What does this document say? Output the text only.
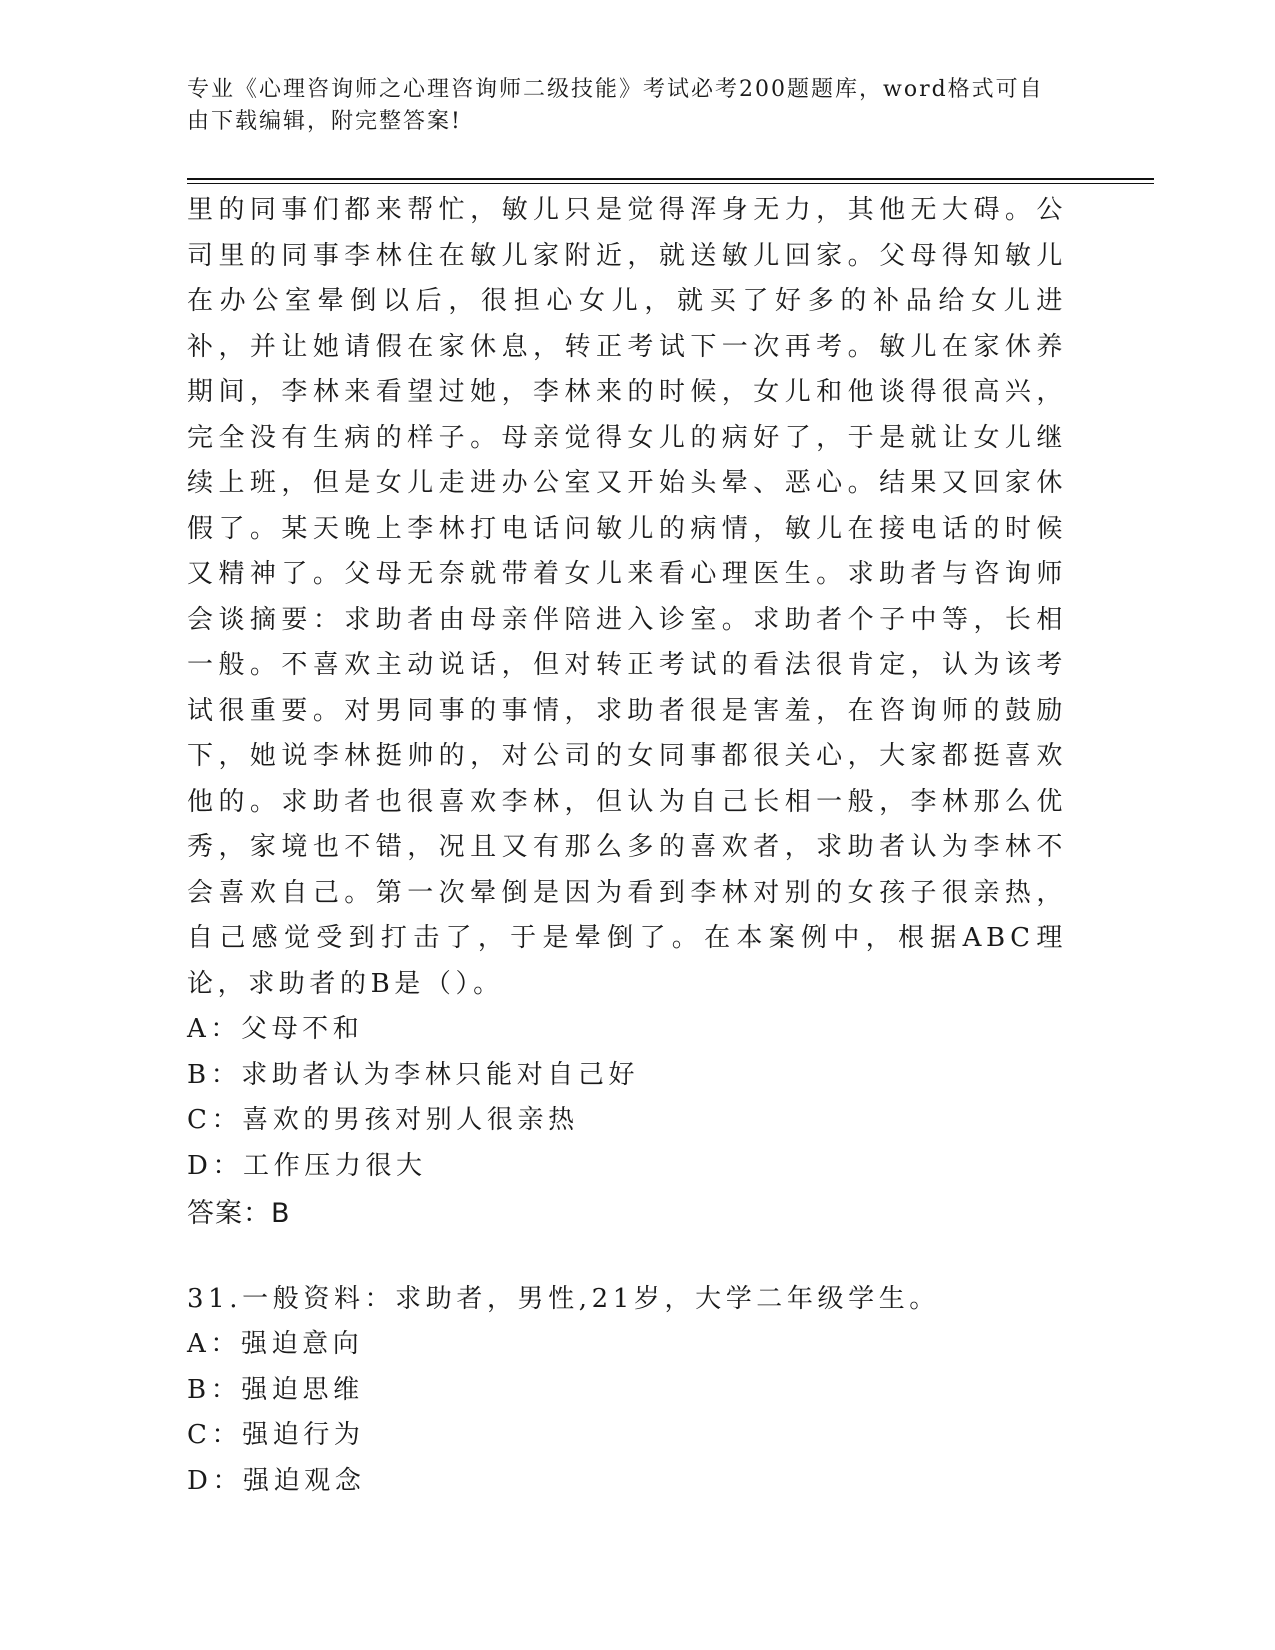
专业《心理咨询师之心理咨询师二级技能》考试必考200题题库，word格式可自由下载编辑，附完整答案!

里的同事们都来帮忙，敏儿只是觉得浑身无力，其他无大碍。公司里的同事李林住在敏儿家附近，就送敏儿回家。父母得知敏儿在办公室晕倒以后，很担心女儿，就买了好多的补品给女儿进补，并让她请假在家休息，转正考试下一次再考。敏儿在家休养期间，李林来看望过她，李林来的时候，女儿和他谈得很高兴，完全没有生病的样子。母亲觉得女儿的病好了，于是就让女儿继续上班，但是女儿走进办公室又开始头晕、恶心。结果又回家休假了。某天晚上李林打电话问敏儿的病情，敏儿在接电话的时候又精神了。父母无奈就带着女儿来看心理医生。求助者与咨询师会谈摘要：求助者由母亲伴陪进入诊室。求助者个子中等，长相一般。不喜欢主动说话，但对转正考试的看法很肯定，认为该考试很重要。对男同事的事情，求助者很是害羞，在咨询师的鼓励下，她说李林挺帅的，对公司的女同事都很关心，大家都挺喜欢他的。求助者也很喜欢李林，但认为自己长相一般，李林那么优秀，家境也不错，况且又有那么多的喜欢者，求助者认为李林不会喜欢自己。第一次晕倒是因为看到李林对别的女孩子很亲热，自己感觉受到打击了，于是晕倒了。在本案例中，根据ABC理论，求助者的B是（）。

A：父母不和
B：求助者认为李林只能对自己好
C：喜欢的男孩对别人很亲热
D：工作压力很大
答案：B
31.一般资料：求助者，男性,21岁，大学二年级学生。
A：强迫意向
B：强迫思维
C：强迫行为
D：强迫观念
